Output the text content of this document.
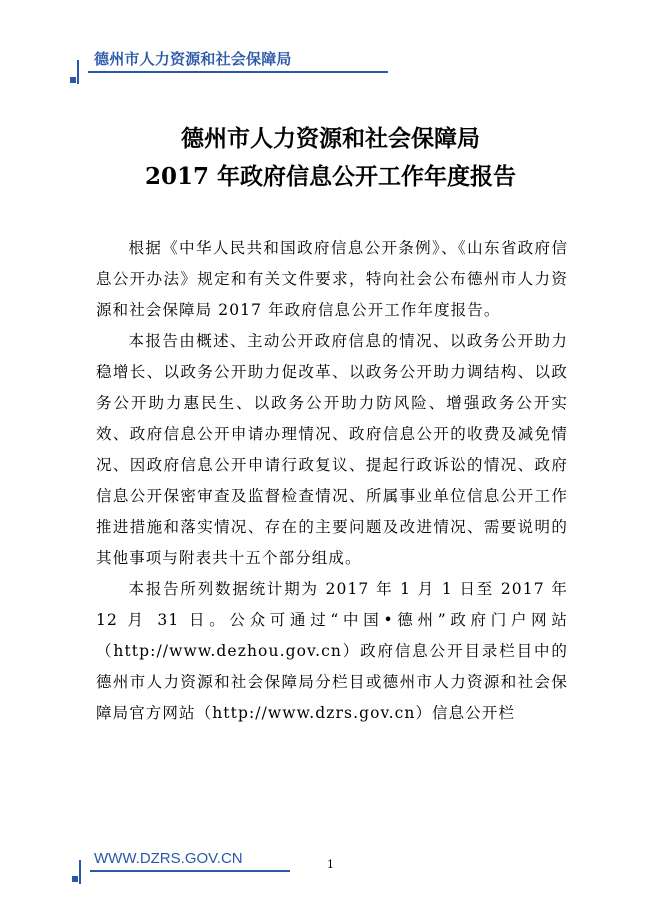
德州市人力资源和社会保障局
德州市人力资源和社会保障局
2017 年政府信息公开工作年度报告

根据《中华人民共和国政府信息公开条例》、《山东省政府信息公开办法》规定和有关文件要求，特向社会公布德州市人力资源和社会保障局 2017 年政府信息公开工作年度报告。

本报告由概述、主动公开政府信息的情况、以政务公开助力稳增长、以政务公开助力促改革、以政务公开助力调结构、以政务公开助力惠民生、以政务公开助力防风险、增强政务公开实效、政府信息公开申请办理情况、政府信息公开的收费及减免情况、因政府信息公开申请行政复议、提起行政诉讼的情况、政府信息公开保密审查及监督检查情况、所属事业单位信息公开工作推进措施和落实情况、存在的主要问题及改进情况、需要说明的其他事项与附表共十五个部分组成。

本报告所列数据统计期为 2017 年 1 月 1 日至 2017 年 12 月 31 日。公众可通过“中国•德州”政府门户网站（http://www.dezhou.gov.cn）政府信息公开目录栏目中的德州市人力资源和社会保障局分栏目或德州市人力资源和社会保障局官方网站（http://www.dzrs.gov.cn）信息公开栏

WWW.DZRS.GOV.CN	1
